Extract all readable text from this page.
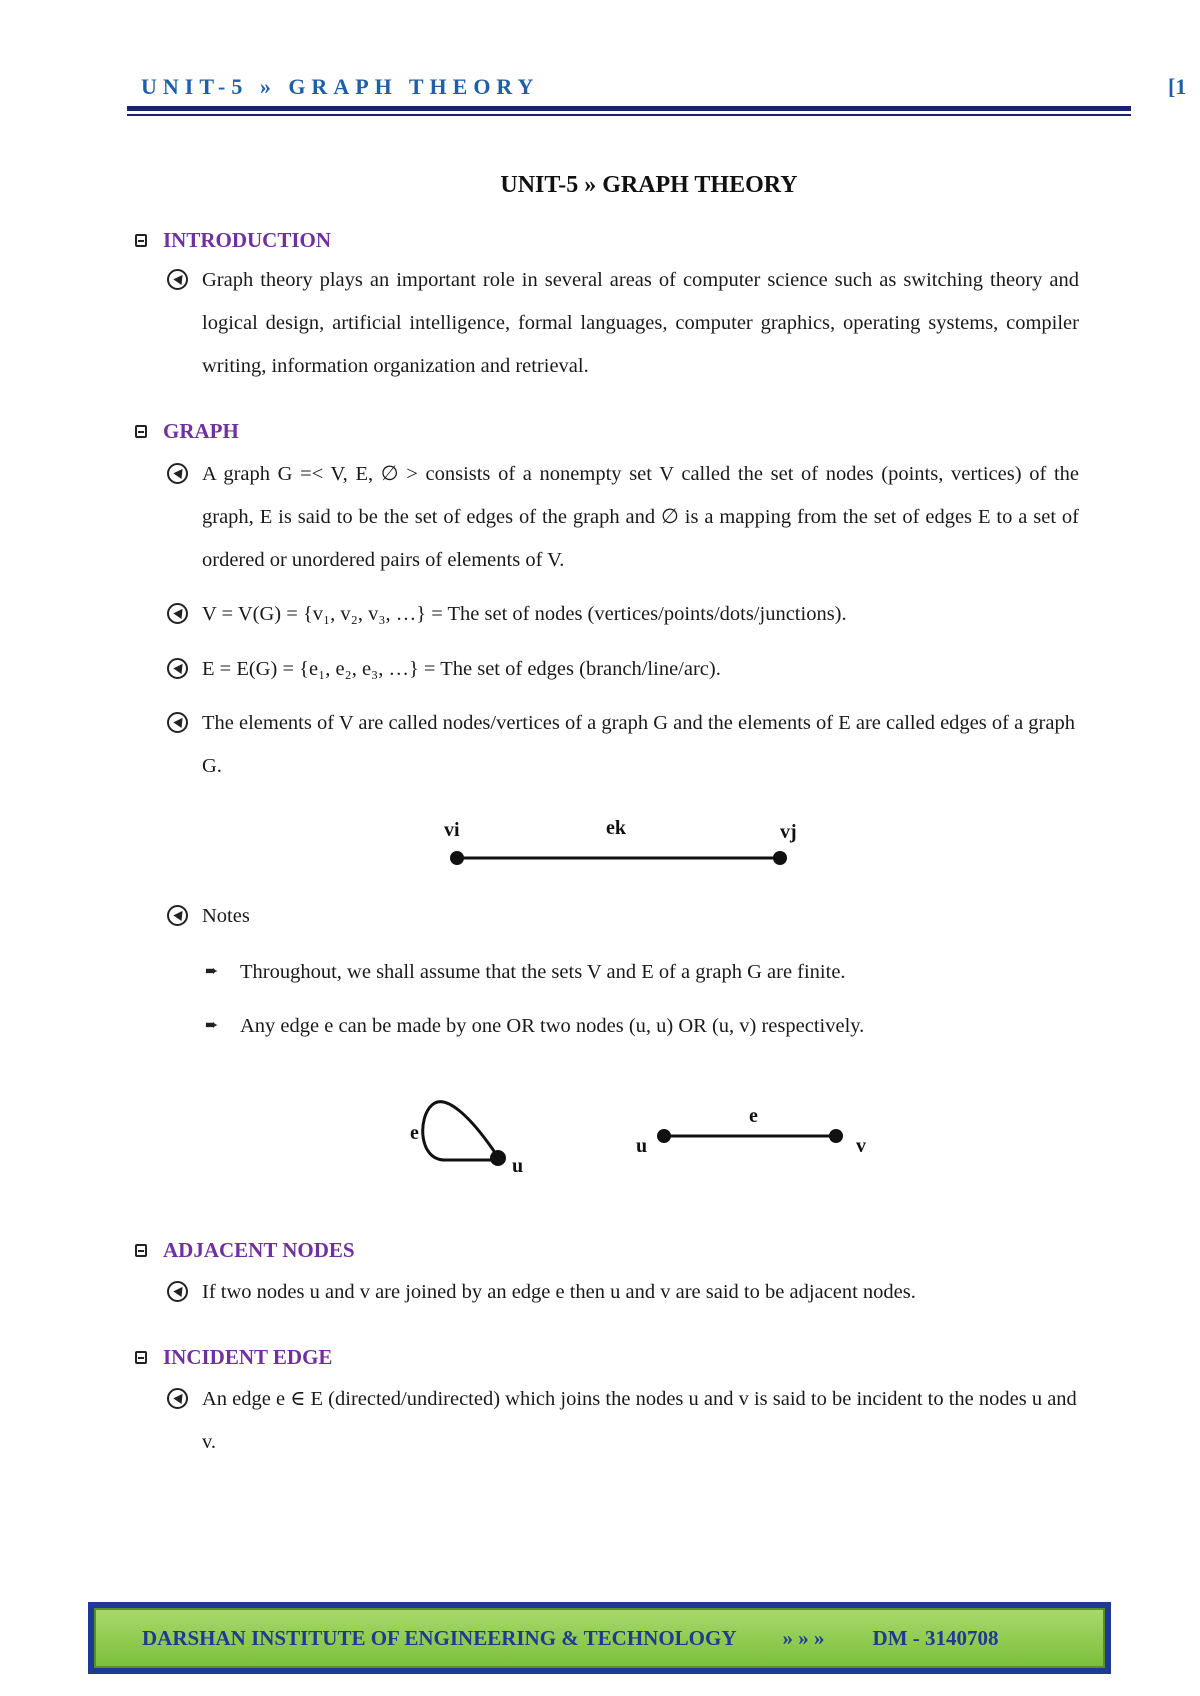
UNIT-5 » GRAPH THEORY	[1
UNIT-5 » GRAPH THEORY
INTRODUCTION
Graph theory plays an important role in several areas of computer science such as switching theory and logical design, artificial intelligence, formal languages, computer graphics, operating systems, compiler writing, information organization and retrieval.
GRAPH
A graph G =< V, E, ∅ > consists of a nonempty set V called the set of nodes (points, vertices) of the graph, E is said to be the set of edges of the graph and ∅ is a mapping from the set of edges E to a set of ordered or unordered pairs of elements of V.
V = V(G) = {v₁, v₂, v₃, …} = The set of nodes (vertices/points/dots/junctions).
E = E(G) = {e₁, e₂, e₃, …} = The set of edges (branch/line/arc).
The elements of V are called nodes/vertices of a graph G and the elements of E are called edges of a graph G.
vi	ek	vj
Notes
➨ Throughout, we shall assume that the sets V and E of a graph G are finite.
➨ Any edge e can be made by one OR two nodes (u, u) OR (u, v) respectively.
e
u
e
u	v
ADJACENT NODES
If two nodes u and v are joined by an edge e then u and v are said to be adjacent nodes.
INCIDENT EDGE
An edge e ∈ E (directed/undirected) which joins the nodes u and v is said to be incident to the nodes u and v.
DARSHAN INSTITUTE OF ENGINEERING & TECHNOLOGY » » » DM - 3140708
